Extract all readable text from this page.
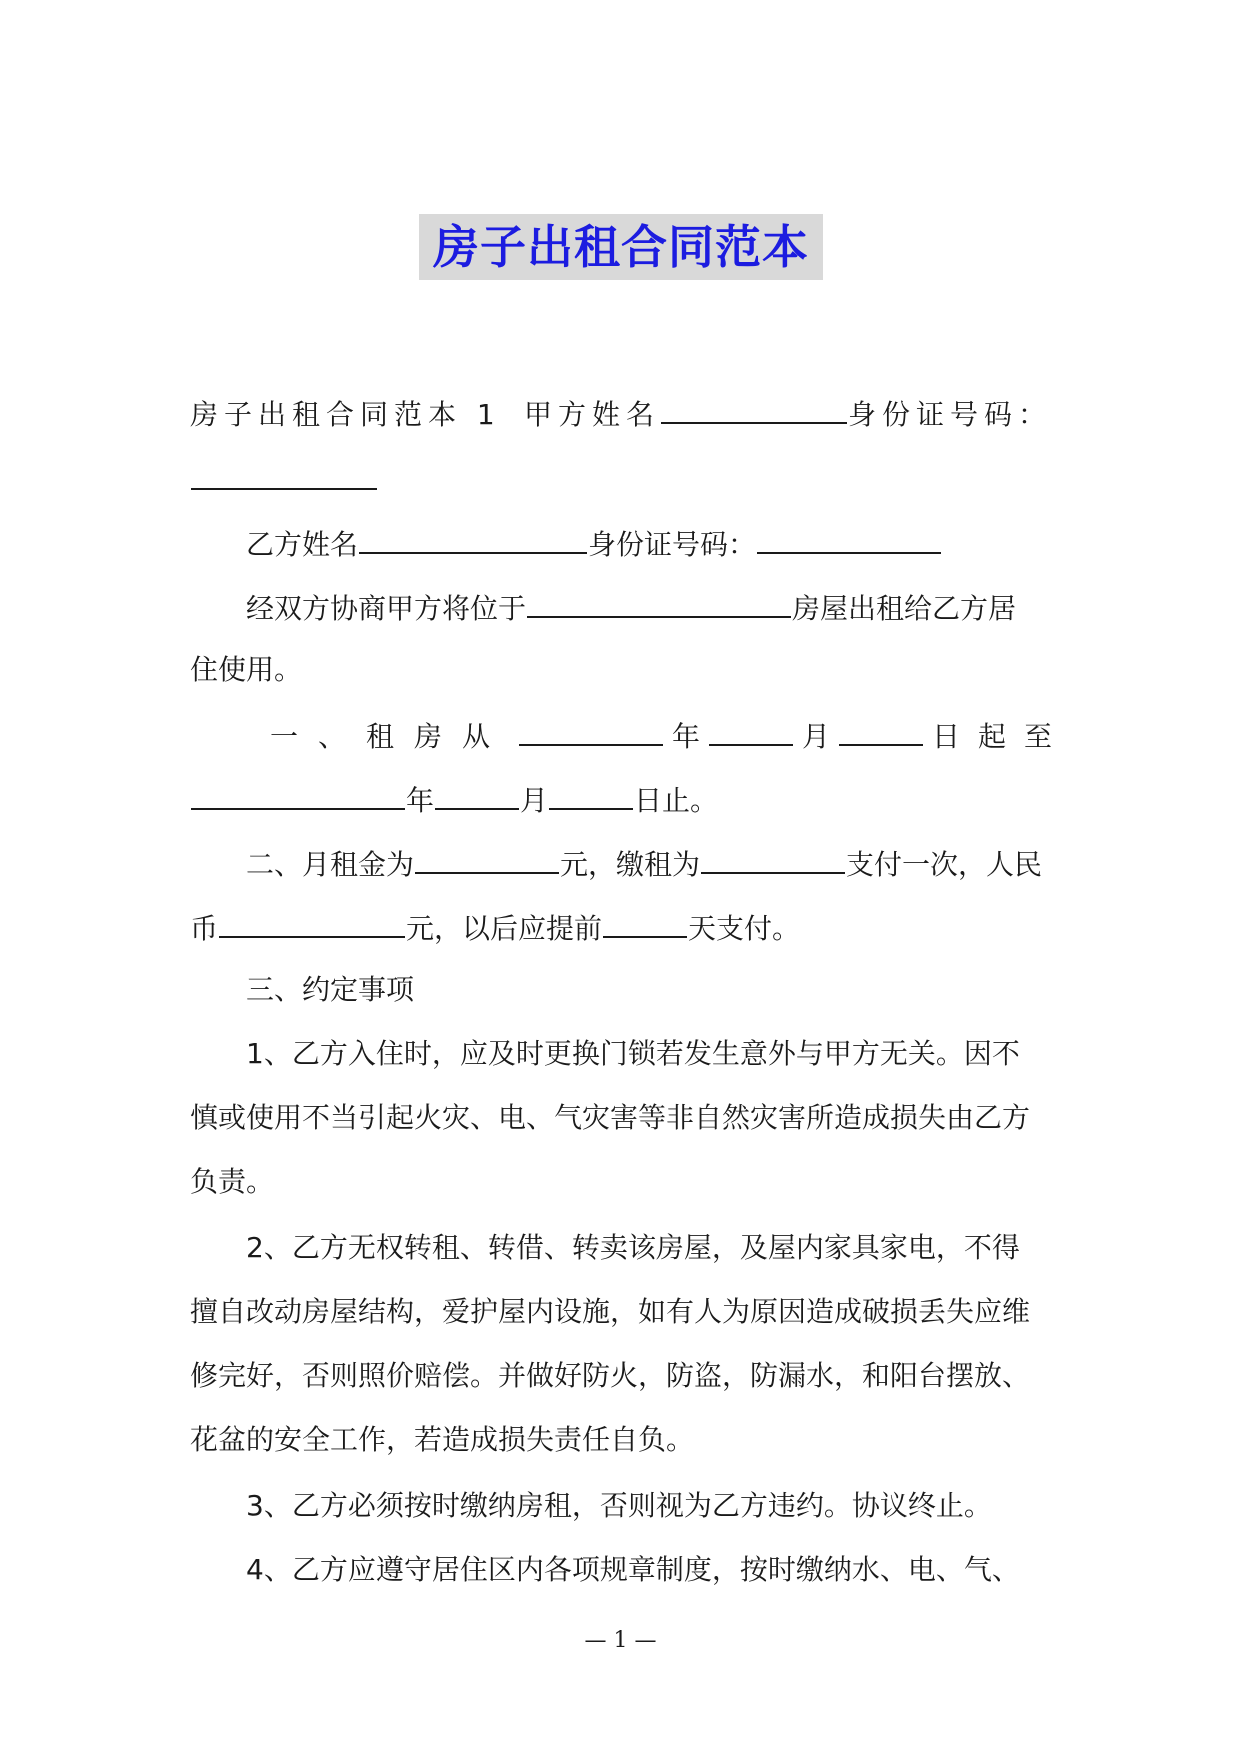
房子出租合同范本
房子出租合同范本 1 甲方姓名	身份证号码：
乙方姓名	身份证号码：
经双方协商甲方将位于	房屋出租给乙方居
住使用。
一、租房从	年	月	日起至
年	月	日止。
二、月租金为	元，缴租为	支付一次，人民
币	元，以后应提前	天支付。
三、约定事项
1、乙方入住时，应及时更换门锁若发生意外与甲方无关。因不
慎或使用不当引起火灾、电、气灾害等非自然灾害所造成损失由乙方
负责。
2、乙方无权转租、转借、转卖该房屋，及屋内家具家电，不得
擅自改动房屋结构，爱护屋内设施，如有人为原因造成破损丢失应维
修完好，否则照价赔偿。并做好防火，防盗，防漏水，和阳台摆放、
花盆的安全工作，若造成损失责任自负。
3、乙方必须按时缴纳房租，否则视为乙方违约。协议终止。
4、乙方应遵守居住区内各项规章制度，按时缴纳水、电、气、
— 1 —
